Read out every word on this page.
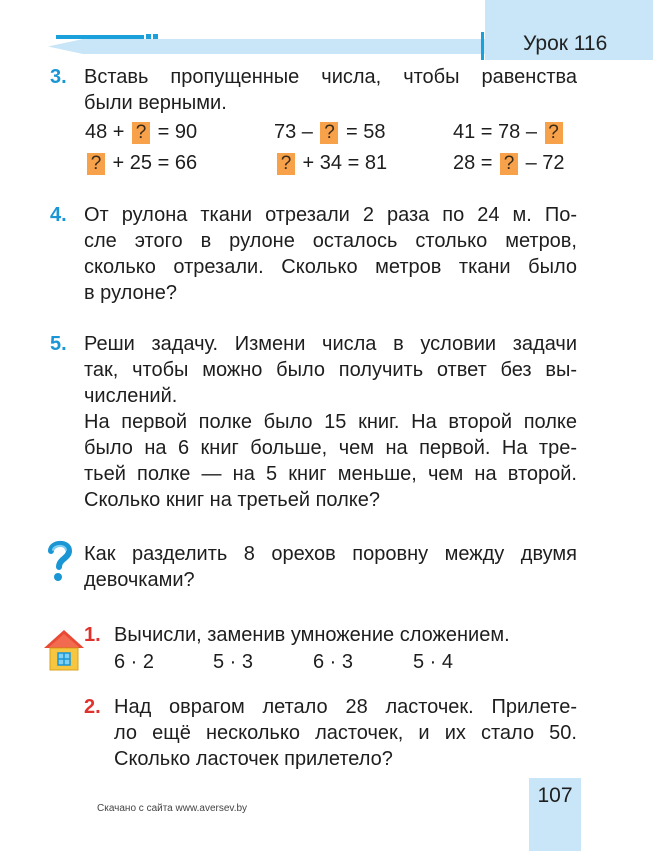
Урок 116
3. Вставь пропущенные числа, чтобы равенства
были верными.
48 + ? = 90	73 – ? = 58	41 = 78 – ?
? + 25 = 66	? + 34 = 81	28 = ? – 72
4. От рулона ткани отрезали 2 раза по 24 м. По-
сле этого в рулоне осталось столько метров,
сколько отрезали. Сколько метров ткани было
в рулоне?
5. Реши задачу. Измени числа в условии задачи
так, чтобы можно было получить ответ без вы-
числений.
На первой полке было 15 книг. На второй полке
было на 6 книг больше, чем на первой. На тре-
тьей полке — на 5 книг меньше, чем на второй.
Сколько книг на третьей полке?
Как разделить 8 орехов поровну между двумя
девочками?
1. Вычисли, заменив умножение сложением.
6 · 2	5 · 3	6 · 3	5 · 4
2. Над оврагом летало 28 ласточек. Прилете-
ло ещё несколько ласточек, и их стало 50.
Сколько ласточек прилетело?
107
Скачано с сайта www.aversev.by
